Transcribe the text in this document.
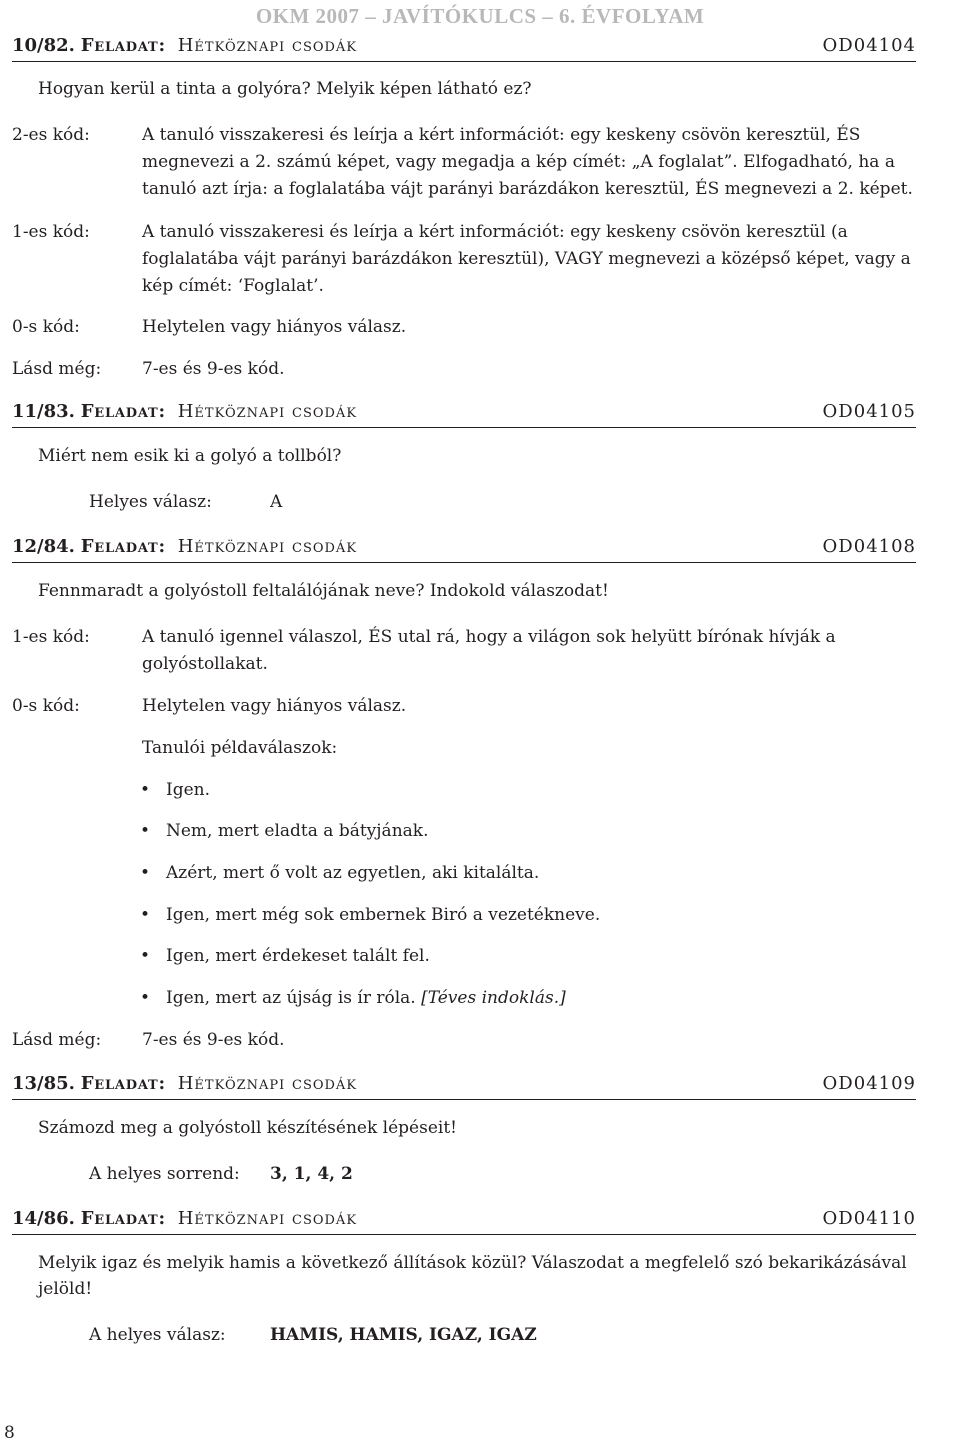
OKM 2007 – JAVÍTÓKULCS – 6. ÉVFOLYAM
10/82. Feladat: Hétköznapi csodák	OD04104
Hogyan kerül a tinta a golyóra? Melyik képen látható ez?
2-es kód:	A tanuló visszakeresi és leírja a kért információt: egy keskeny csövön keresztül, ÉS megnevezi a 2. számú képet, vagy megadja a kép címét: „A foglalat”. Elfogadható, ha a tanuló azt írja: a foglalatába vájt parányi barázdákon keresztül, ÉS megnevezi a 2. képet.
1-es kód:	A tanuló visszakeresi és leírja a kért információt: egy keskeny csövön keresztül (a foglalatába vájt parányi barázdákon keresztül), VAGY megnevezi a középső képet, vagy a kép címét: ‘Foglalat’.
0-s kód:	Helytelen vagy hiányos válasz.
Lásd még: 7-es és 9-es kód.
11/83. Feladat: Hétköznapi csodák	OD04105
Miért nem esik ki a golyó a tollból?
Helyes válasz:	A
12/84. Feladat: Hétköznapi csodák	OD04108
Fennmaradt a golyóstoll feltalálójának neve? Indokold válaszodat!
1-es kód:	A tanuló igennel válaszol, ÉS utal rá, hogy a világon sok helyütt bírónak hívják a golyóstollakat.
0-s kód:	Helytelen vagy hiányos válasz.
Tanulói példaválaszok:
• Igen.
• Nem, mert eladta a bátyjának.
• Azért, mert ő volt az egyetlen, aki kitalálta.
• Igen, mert még sok embernek Biró a vezetékneve.
• Igen, mert érdekeset talált fel.
• Igen, mert az újság is ír róla. [Téves indoklás.]
Lásd még: 7-es és 9-es kód.
13/85. Feladat: Hétköznapi csodák	OD04109
Számozd meg a golyóstoll készítésének lépéseit!
A helyes sorrend: 3, 1, 4, 2
14/86. Feladat: Hétköznapi csodák	OD04110
Melyik igaz és melyik hamis a következő állítások közül? Válaszodat a megfelelő szó bekarikázásával jelöld!
A helyes válasz:	HAMIS, HAMIS, IGAZ, IGAZ
8
